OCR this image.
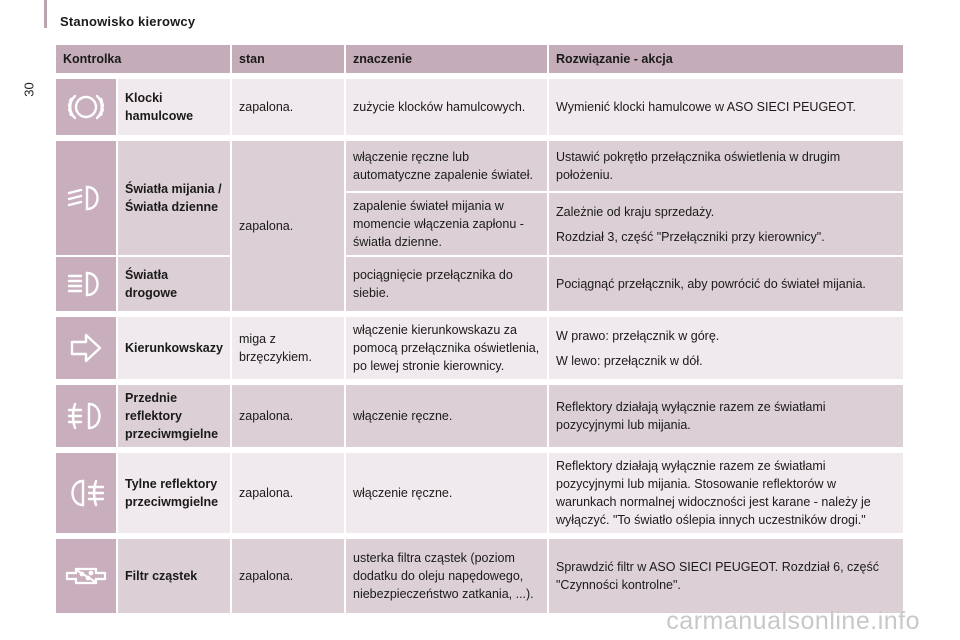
30
Stanowisko kierowcy
Kontrolka		stan	znaczenie	Rozwiązanie - akcja

	Klocki hamulcowe	zapalona.	zużycie klocków hamulcowych.	Wymienić klocki hamulcowe w ASO SIECI PEUGEOT.

	Światła mijania / Światła dzienne	zapalona.	włączenie ręczne lub automatyczne zapalenie świateł.	Ustawić pokrętło przełącznika oświetlenia w drugim położeniu.

			zapalenie świateł mijania w momencie włączenia zapłonu - światła dzienne.	Zależnie od kraju sprzedaży.
Rozdział 3, część "Przełączniki przy kierownicy".

	Światła drogowe		pociągnięcie przełącznika do siebie.	Pociągnąć przełącznik, aby powrócić do świateł mijania.

	Kierunkowskazy	miga z brzęczykiem.	włączenie kierunkowskazu za pomocą przełącznika oświetlenia, po lewej stronie kierownicy.	W prawo: przełącznik w górę.
W lewo: przełącznik w dół.

	Przednie reflektory przeciwmgielne	zapalona.	włączenie ręczne.	Reflektory działają wyłącznie razem ze światłami pozycyjnymi lub mijania.

	Tylne reflektory przeciwmgielne	zapalona.	włączenie ręczne.	Reflektory działają wyłącznie razem ze światłami pozycyjnymi lub mijania. Stosowanie reflektorów w warunkach normalnej widoczności jest karane - należy je wyłączyć. "To światło oślepia innych uczestników drogi."

	Filtr cząstek	zapalona.	usterka filtra cząstek (poziom dodatku do oleju napędowego, niebezpieczeństwo zatkania, ...).	Sprawdzić filtr w ASO SIECI PEUGEOT. Rozdział 6, część "Czynności kontrolne".
carmanualsonline.info
